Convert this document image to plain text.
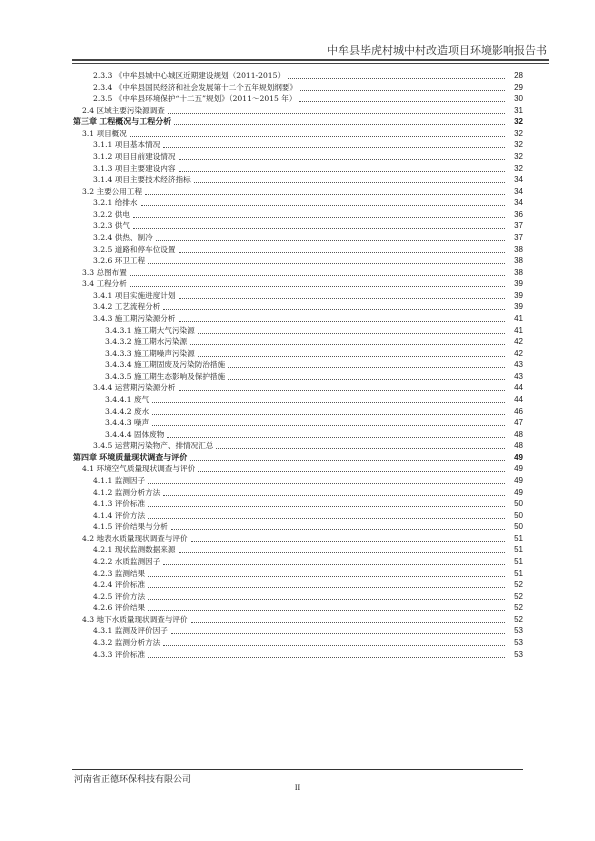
中牟县毕虎村城中村改造项目环境影响报告书
2.3.3 《中牟县城中心城区近期建设规划（2011-2015）	28
2.3.4 《中牟县国民经济和社会发展第十二个五年规划纲要》	29
2.3.5 《中牟县环境保护“十二五”规划》（2011～2015 年）	30
2.4 区域主要污染源调查	31
第三章 工程概况与工程分析	32
3.1 项目概况	32
3.1.1 项目基本情况	32
3.1.2 项目目前建设情况	32
3.1.3 项目主要建设内容	32
3.1.4 项目主要技术经济指标	34
3.2 主要公用工程	34
3.2.1 给排水	34
3.2.2 供电	36
3.2.3 供气	37
3.2.4 供热、制冷	37
3.2.5 道路和停车位设置	38
3.2.6 环卫工程	38
3.3 总图布置	38
3.4 工程分析	39
3.4.1 项目实施进度计划	39
3.4.2 工艺流程分析	39
3.4.3 施工期污染源分析	41
3.4.3.1 施工期大气污染源	41
3.4.3.2 施工期水污染源	42
3.4.3.3 施工期噪声污染源	42
3.4.3.4 施工期固废及污染防治措施	43
3.4.3.5 施工期生态影响及保护措施	43
3.4.4 运营期污染源分析	44
3.4.4.1 废气	44
3.4.4.2 废水	46
3.4.4.3 噪声	47
3.4.4.4 固体废物	48
3.4.5 运营期污染物产、排情况汇总	48
第四章 环境质量现状调查与评价	49
4.1 环境空气质量现状调查与评价	49
4.1.1 监测因子	49
4.1.2 监测分析方法	49
4.1.3 评价标准	50
4.1.4 评价方法	50
4.1.5 评价结果与分析	50
4.2 地表水质量现状调查与评价	51
4.2.1 现状监测数据来源	51
4.2.2 水质监测因子	51
4.2.3 监测结果	51
4.2.4 评价标准	52
4.2.5 评价方法	52
4.2.6 评价结果	52
4.3 地下水质量现状调查与评价	52
4.3.1 监测及评价因子	53
4.3.2 监测分析方法	53
4.3.3 评价标准	53
河南省正德环保科技有限公司
II
